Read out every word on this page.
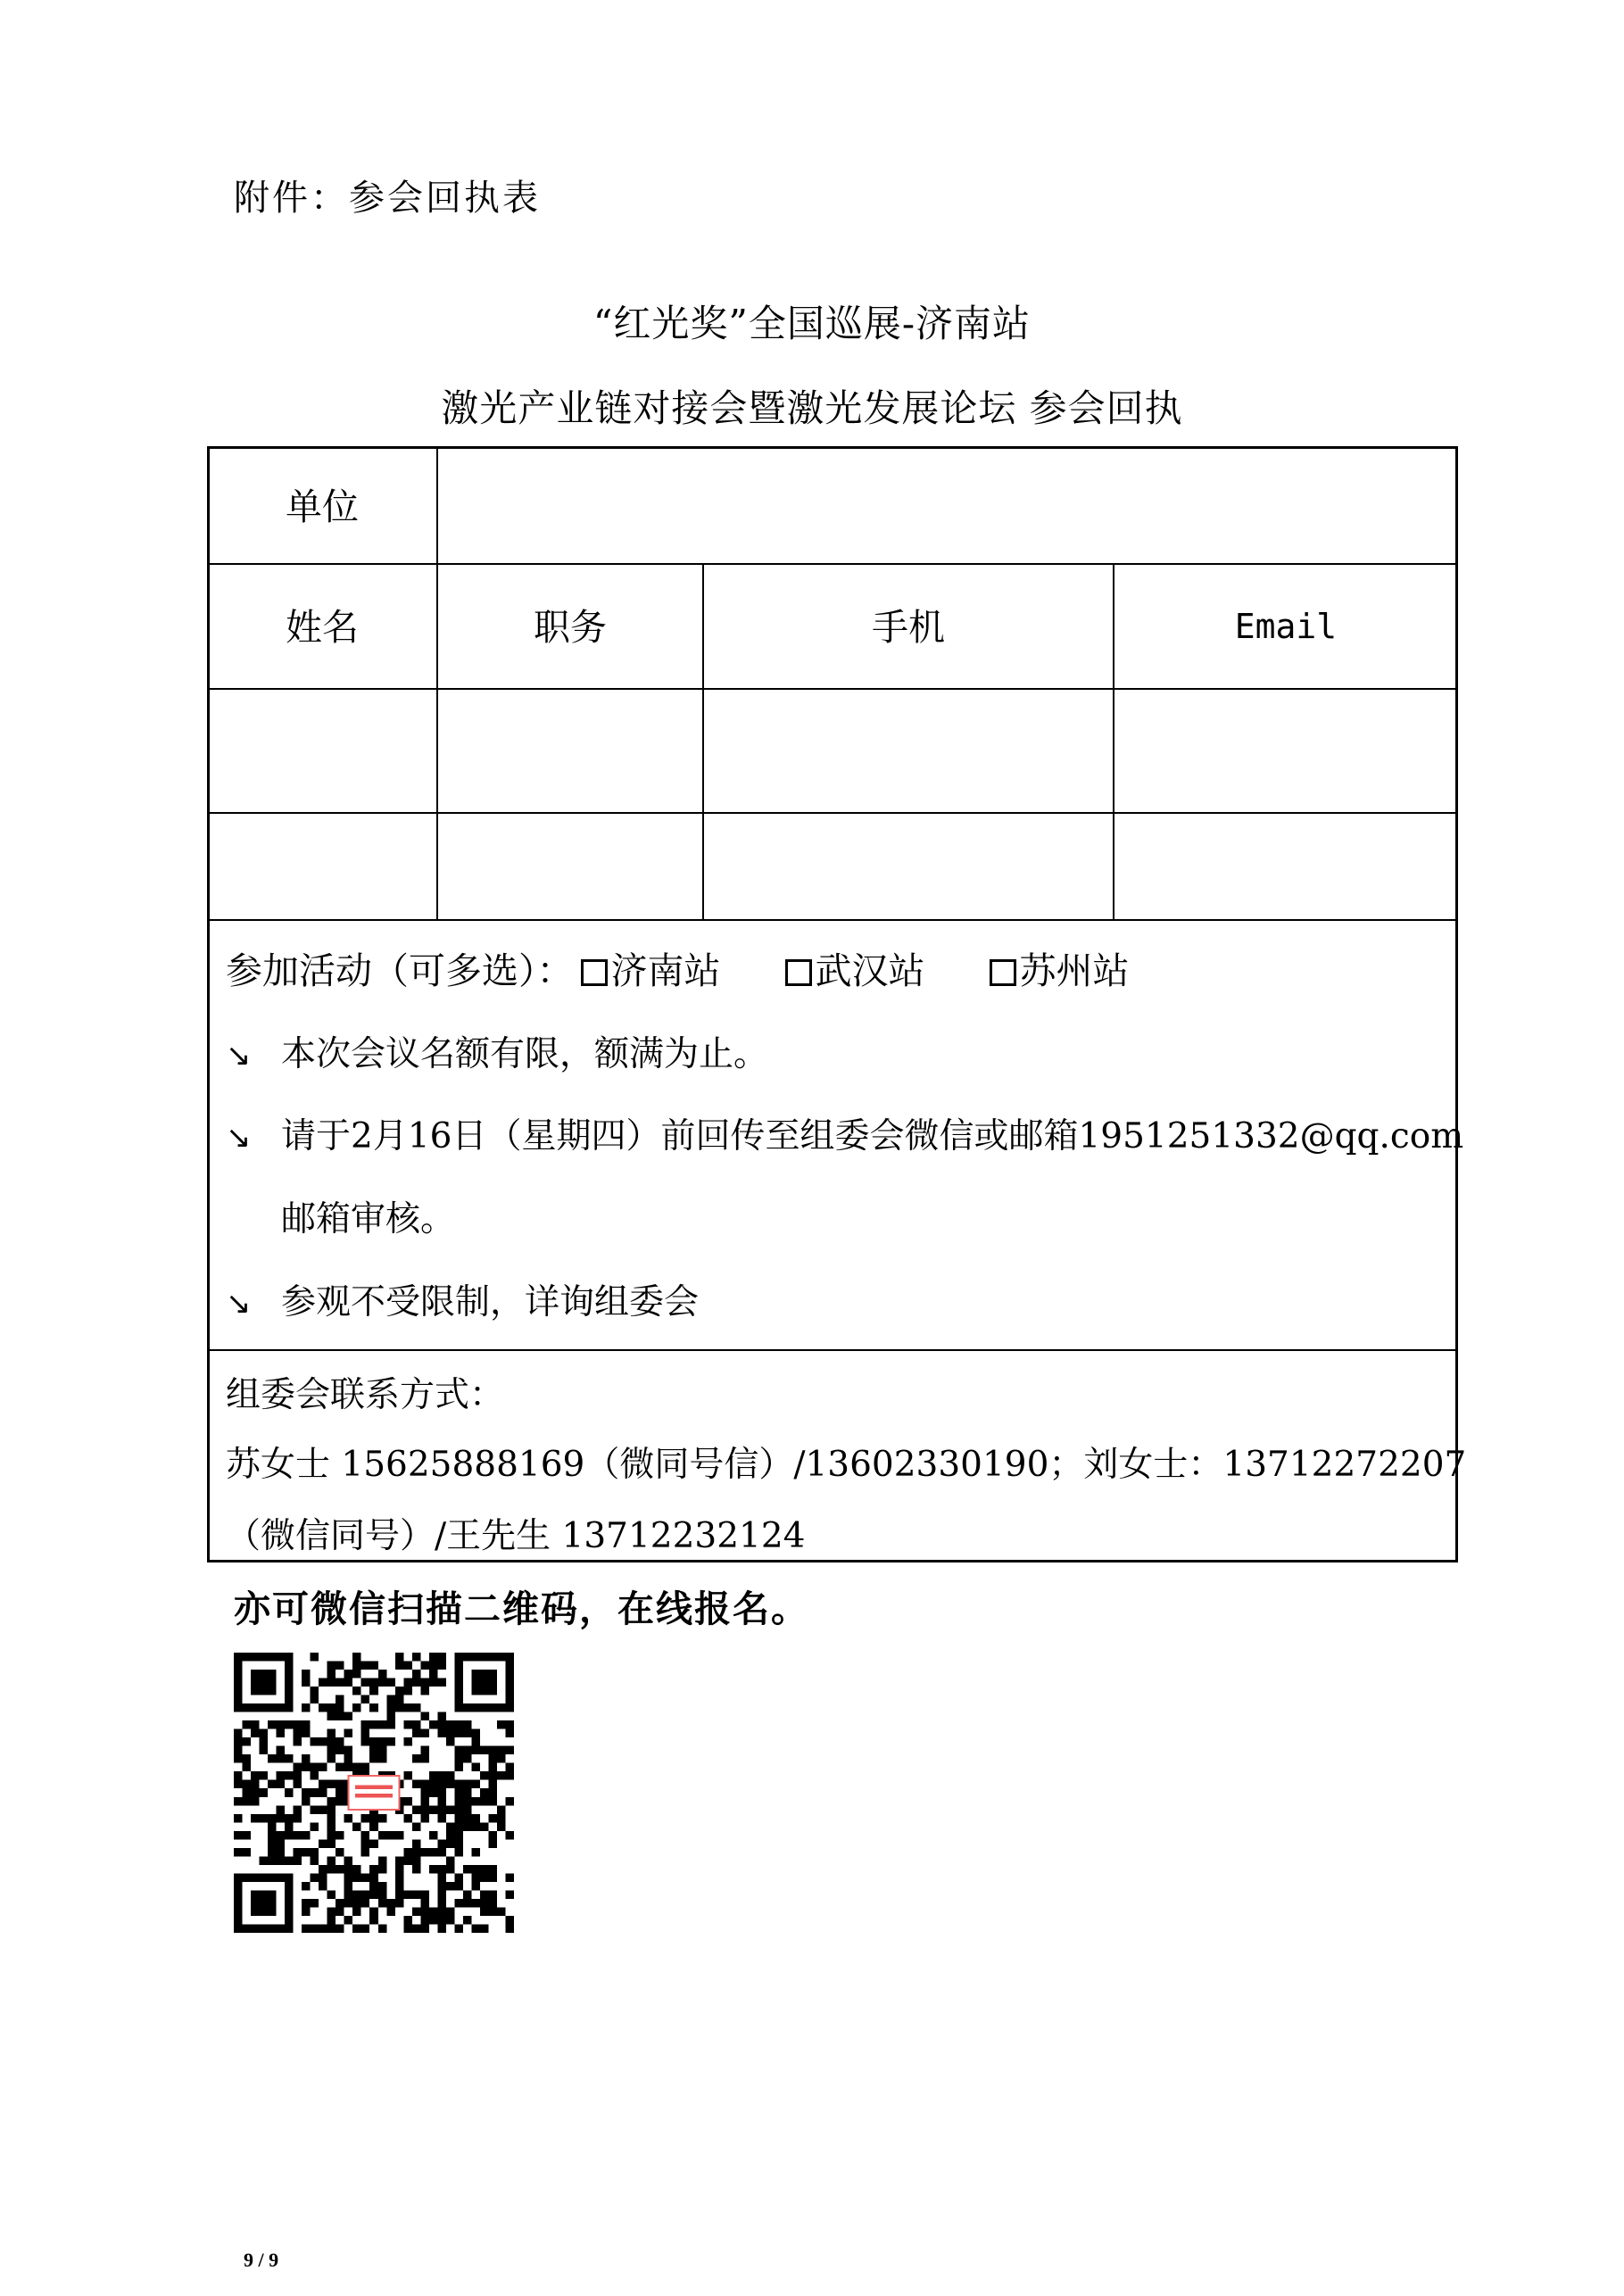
附件：参会回执表
“红光奖”全国巡展-济南站
激光产业链对接会暨激光发展论坛 参会回执
单位
姓名	职务	手机	Email
参加活动（可多选）： 济南站	武汉站	苏州站
↘ 本次会议名额有限，额满为止。
↘ 请于2月16日（星期四）前回传至组委会微信或邮箱1951251332@qq.com
邮箱审核。
↘ 参观不受限制，详询组委会
组委会联系方式：
苏女士 15625888169（微同号信）/13602330190；刘女士：13712272207
（微信同号）/王先生 13712232124
亦可微信扫描二维码，在线报名。
9 / 9
